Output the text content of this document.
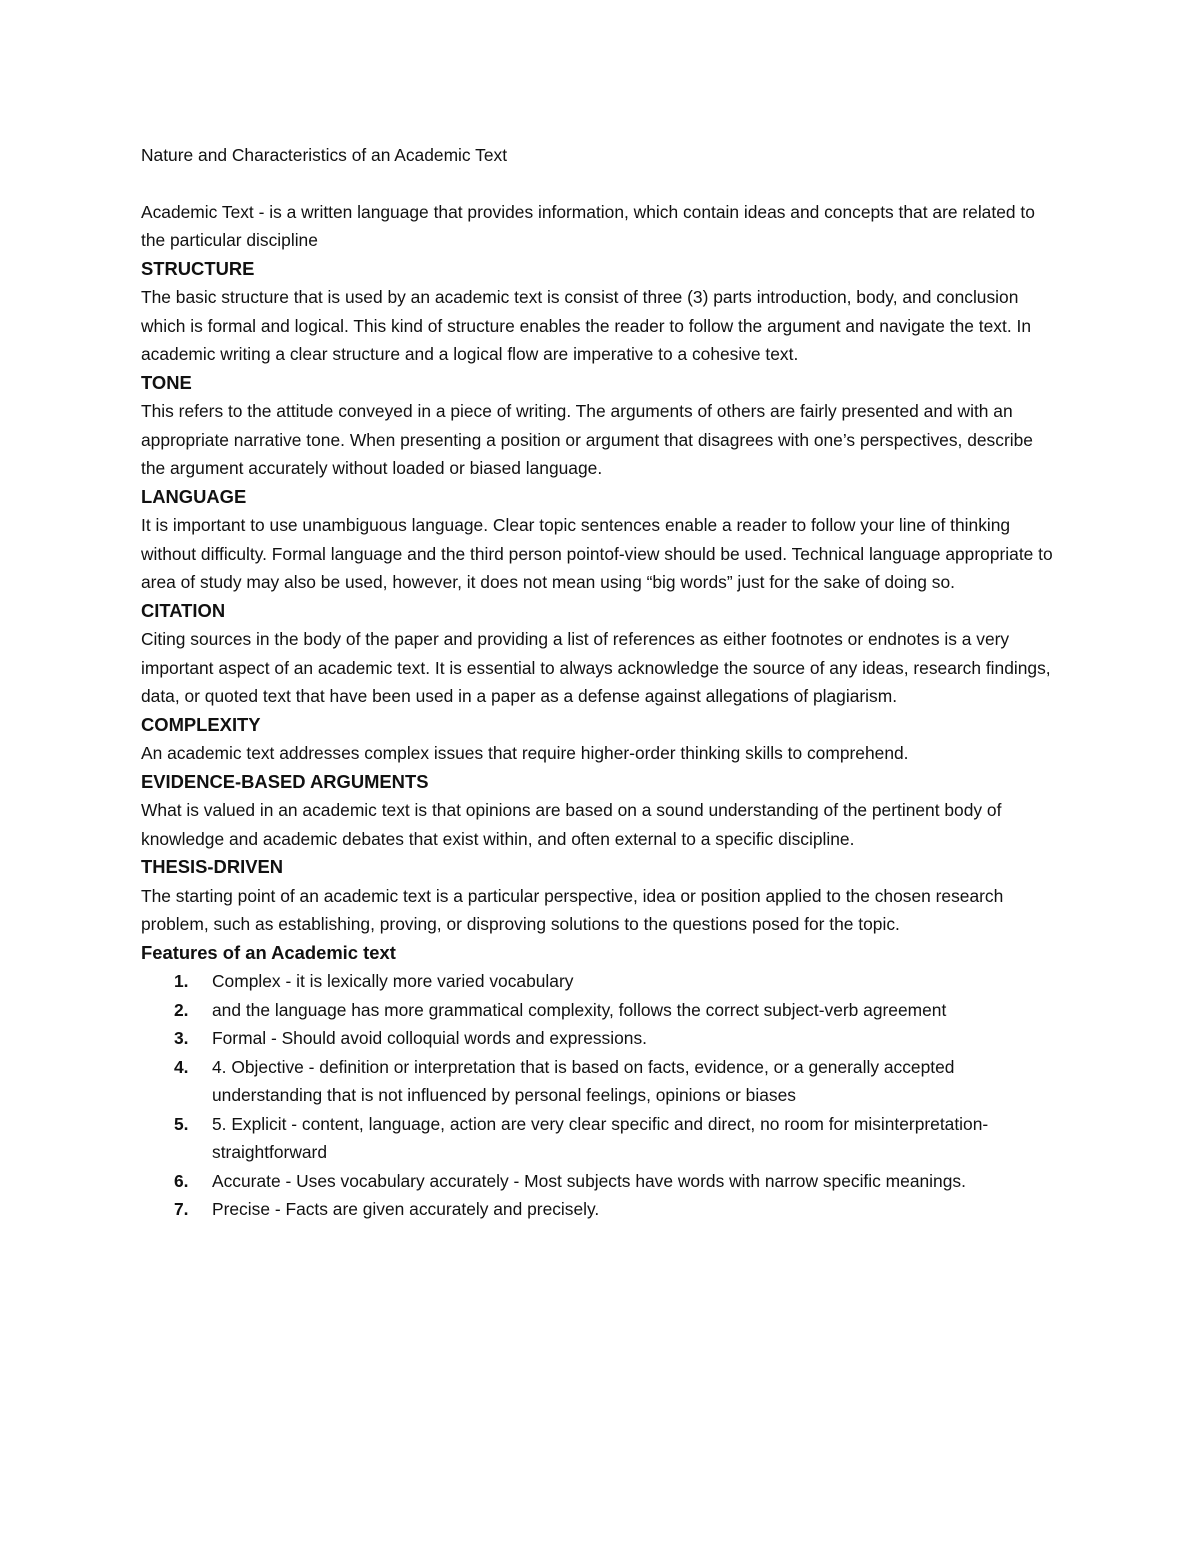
Nature and Characteristics of an Academic Text

Academic Text - is a written language that provides information, which contain ideas and concepts that are related to the particular discipline

STRUCTURE

The basic structure that is used by an academic text is consist of three (3) parts introduction, body, and conclusion which is formal and logical. This kind of structure enables the reader to follow the argument and navigate the text. In academic writing a clear structure and a logical flow are imperative to a cohesive text.

TONE

This refers to the attitude conveyed in a piece of writing. The arguments of others are fairly presented and with an appropriate narrative tone. When presenting a position or argument that disagrees with one’s perspectives, describe the argument accurately without loaded or biased language.

LANGUAGE

It is important to use unambiguous language. Clear topic sentences enable a reader to follow your line of thinking without difficulty. Formal language and the third person pointof-view should be used. Technical language appropriate to area of study may also be used, however, it does not mean using “big words” just for the sake of doing so.

CITATION

Citing sources in the body of the paper and providing a list of references as either footnotes or endnotes is a very important aspect of an academic text. It is essential to always acknowledge the source of any ideas, research findings, data, or quoted text that have been used in a paper as a defense against allegations of plagiarism.

COMPLEXITY

An academic text addresses complex issues that require higher-order thinking skills to comprehend.

EVIDENCE-BASED ARGUMENTS

What is valued in an academic text is that opinions are based on a sound understanding of the pertinent body of knowledge and academic debates that exist within, and often external to a specific discipline.

THESIS-DRIVEN

The starting point of an academic text is a particular perspective, idea or position applied to the chosen research problem, such as establishing, proving, or disproving solutions to the questions posed for the topic.

Features of an Academic text

1. Complex - it is lexically more varied vocabulary
2. and the language has more grammatical complexity, follows the correct subject-verb agreement
3. Formal - Should avoid colloquial words and expressions.
4. 4. Objective - definition or interpretation that is based on facts, evidence, or a generally accepted understanding that is not influenced by personal feelings, opinions or biases
5. 5. Explicit - content, language, action are very clear specific and direct, no room for misinterpretation-straightforward
6. Accurate - Uses vocabulary accurately - Most subjects have words with narrow specific meanings.
7. Precise - Facts are given accurately and precisely.
